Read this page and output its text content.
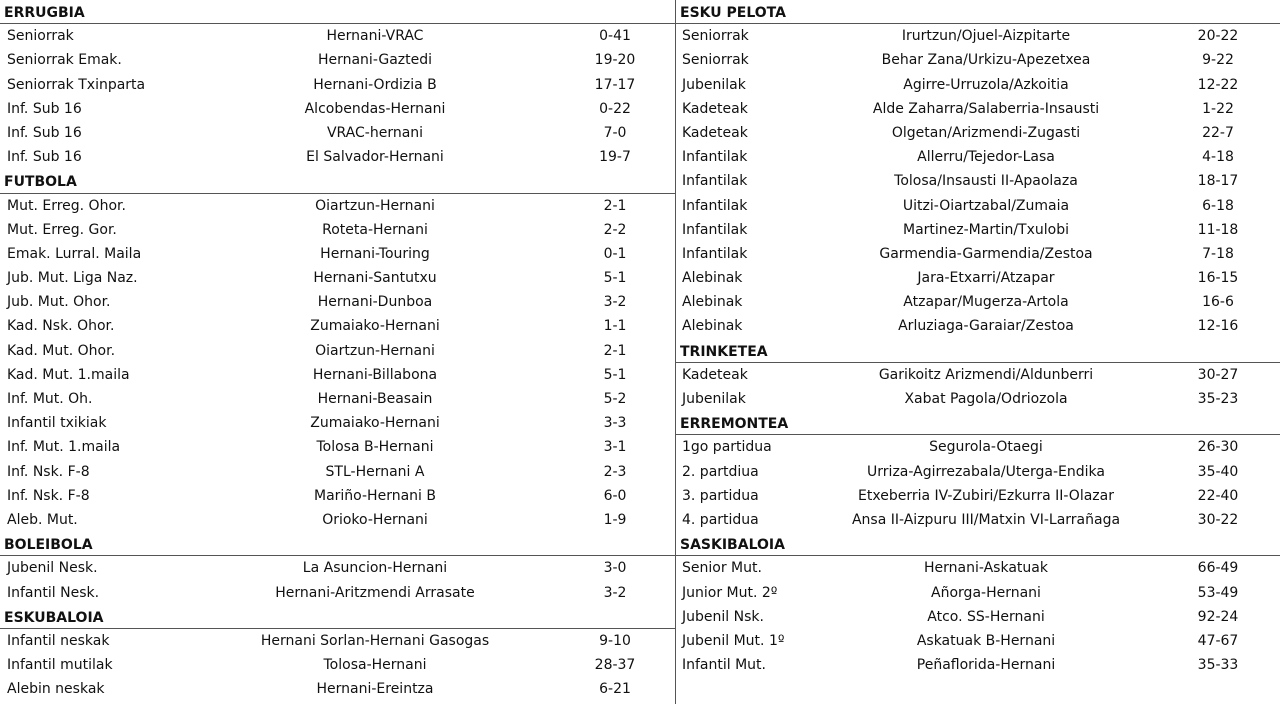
ERRUGBIA
Seniorrak	Hernani-VRAC	0-41
Seniorrak Emak.	Hernani-Gaztedi	19-20
Seniorrak Txinparta	Hernani-Ordizia B	17-17
Inf. Sub 16	Alcobendas-Hernani	0-22
Inf. Sub 16	VRAC-hernani	7-0
Inf. Sub 16	El Salvador-Hernani	19-7
FUTBOLA
Mut. Erreg. Ohor.	Oiartzun-Hernani	2-1
Mut. Erreg. Gor.	Roteta-Hernani	2-2
Emak. Lurral. Maila	Hernani-Touring	0-1
Jub. Mut. Liga Naz.	Hernani-Santutxu	5-1
Jub. Mut. Ohor.	Hernani-Dunboa	3-2
Kad. Nsk. Ohor.	Zumaiako-Hernani	1-1
Kad. Mut. Ohor.	Oiartzun-Hernani	2-1
Kad. Mut. 1.maila	Hernani-Billabona	5-1
Inf. Mut. Oh.	Hernani-Beasain	5-2
Infantil txikiak	Zumaiako-Hernani	3-3
Inf. Mut. 1.maila	Tolosa B-Hernani	3-1
Inf. Nsk. F-8	STL-Hernani A	2-3
Inf. Nsk. F-8	Mariño-Hernani B	6-0
Aleb. Mut.	Orioko-Hernani	1-9
BOLEIBOLA
Jubenil Nesk.	La Asuncion-Hernani	3-0
Infantil Nesk.	Hernani-Aritzmendi Arrasate	3-2
ESKUBALOIA
Infantil neskak	Hernani Sorlan-Hernani Gasogas	9-10
Infantil mutilak	Tolosa-Hernani	28-37
Alebin neskak	Hernani-Ereintza	6-21
ESKU PELOTA
Seniorrak	Irurtzun/Ojuel-Aizpitarte	20-22
Seniorrak	Behar Zana/Urkizu-Apezetxea	9-22
Jubenilak	Agirre-Urruzola/Azkoitia	12-22
Kadeteak	Alde Zaharra/Salaberria-Insausti	1-22
Kadeteak	Olgetan/Arizmendi-Zugasti	22-7
Infantilak	Allerru/Tejedor-Lasa	4-18
Infantilak	Tolosa/Insausti II-Apaolaza	18-17
Infantilak	Uitzi-Oiartzabal/Zumaia	6-18
Infantilak	Martinez-Martin/Txulobi	11-18
Infantilak	Garmendia-Garmendia/Zestoa	7-18
Alebinak	Jara-Etxarri/Atzapar	16-15
Alebinak	Atzapar/Mugerza-Artola	16-6
Alebinak	Arluziaga-Garaiar/Zestoa	12-16
TRINKETEA
Kadeteak	Garikoitz Arizmendi/Aldunberri	30-27
Jubenilak	Xabat Pagola/Odriozola	35-23
ERREMONTEA
1go partidua	Segurola-Otaegi	26-30
2. partdiua	Urriza-Agirrezabala/Uterga-Endika	35-40
3. partidua	Etxeberria IV-Zubiri/Ezkurra II-Olazar	22-40
4. partidua	Ansa II-Aizpuru III/Matxin VI-Larrañaga	30-22
SASKIBALOIA
Senior Mut.	Hernani-Askatuak	66-49
Junior Mut. 2º	Añorga-Hernani	53-49
Jubenil Nsk.	Atco. SS-Hernani	92-24
Jubenil Mut. 1º	Askatuak B-Hernani	47-67
Infantil Mut.	Peñaflorida-Hernani	35-33
